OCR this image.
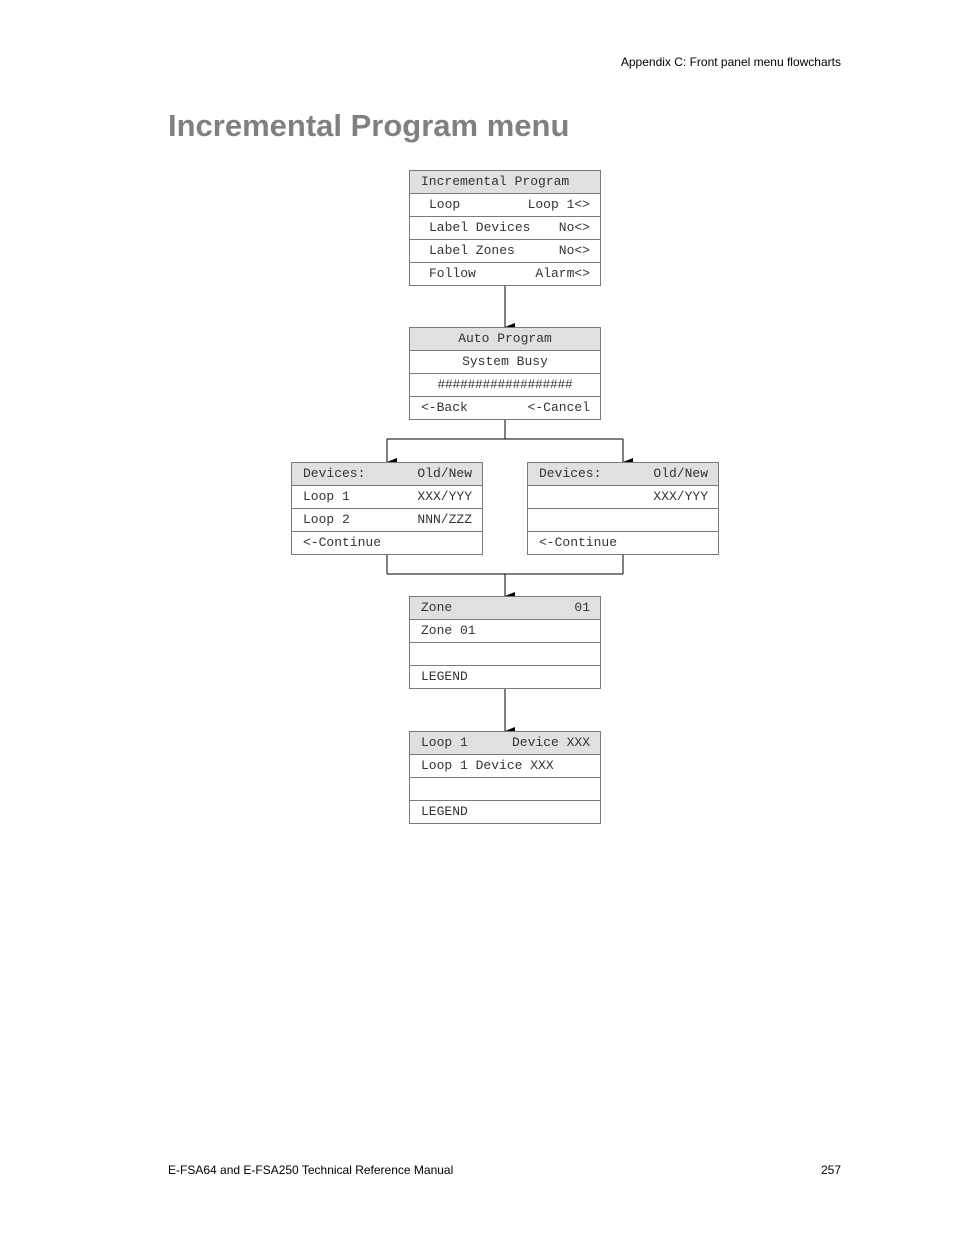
Appendix C: Front panel menu flowcharts
Incremental Program menu
Incremental Program
Loop	Loop 1<>
Label Devices No<>
Label Zones	No<>
Follow	Alarm<>
Auto Program
System Busy
##################
<-Back	<-Cancel
Devices:	Old/New
Loop 1	XXX/YYY
Loop 2	NNN/ZZZ
<-Continue
Devices:	Old/New
XXX/YYY
<-Continue
Zone	01
Zone 01
LEGEND
Loop 1	Device XXX
Loop 1 Device XXX
LEGEND
E-FSA64 and E-FSA250 Technical Reference Manual	257
